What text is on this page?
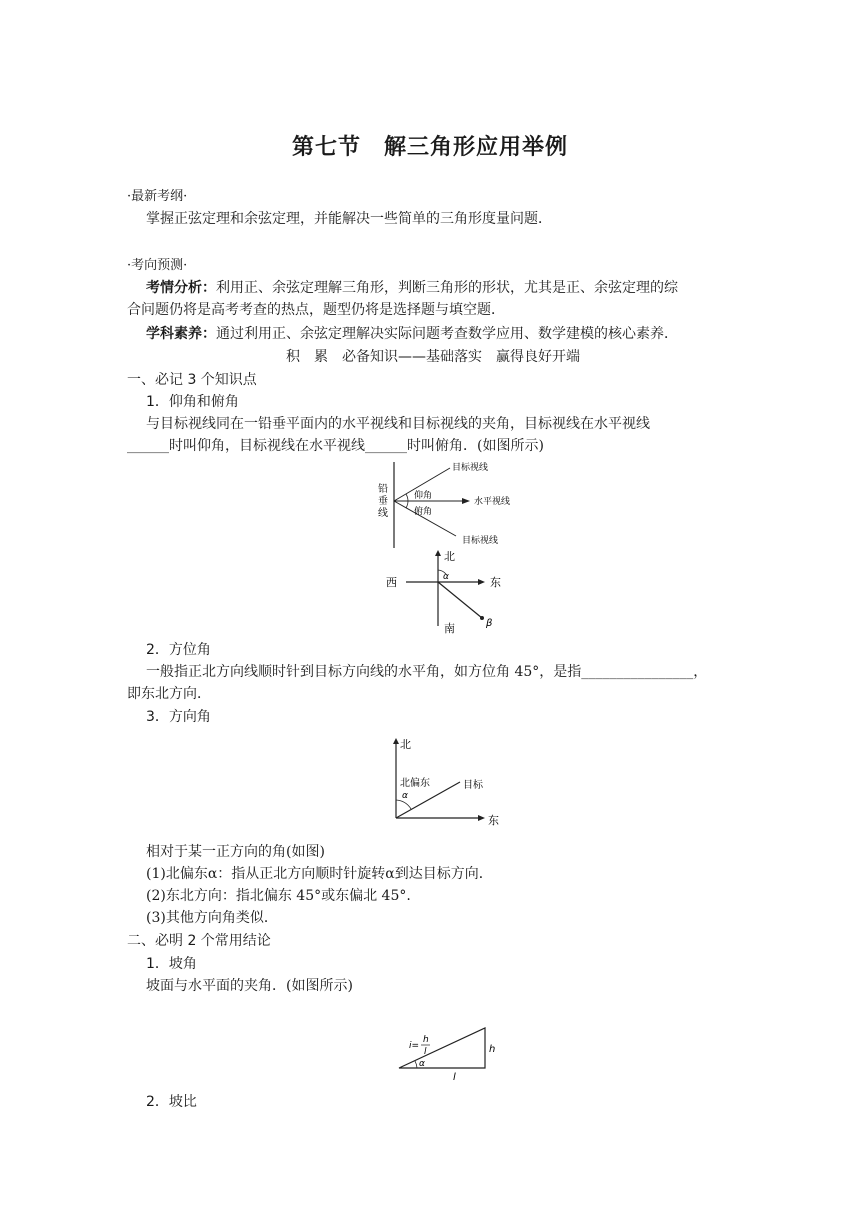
第七节　解三角形应用举例
·最新考纲·
掌握正弦定理和余弦定理，并能解决一些简单的三角形度量问题．
·考向预测·
考情分析：利用正、余弦定理解三角形，判断三角形的形状，尤其是正、余弦定理的综
合问题仍将是高考考查的热点，题型仍将是选择题与填空题．
学科素养：通过利用正、余弦定理解决实际问题考查数学应用、数学建模的核心素养．
积　累　必备知识——基础落实　赢得良好开端
一、必记 3 个知识点
1．仰角和俯角
与目标视线同在一铅垂平面内的水平视线和目标视线的夹角，目标视线在水平视线
______时叫仰角，目标视线在水平视线______时叫俯角．(如图所示)
铅
垂
线
目标视线
仰角
水平视线
俯角
目标视线
北
西	东
南
α
β
2．方位角
一般指正北方向线顺时针到目标方向线的水平角，如方位角 45°，是指________________，
即东北方向．
3．方向角
北
北偏东
α
目标
东
相对于某一正方向的角(如图)
(1)北偏东α：指从正北方向顺时针旋转α到达目标方向．
(2)东北方向：指北偏东 45°或东偏北 45°.
(3)其他方向角类似．
二、必明 2 个常用结论
1．坡角
坡面与水平面的夹角．(如图所示)
i=
h
l
α
h
l
2．坡比
